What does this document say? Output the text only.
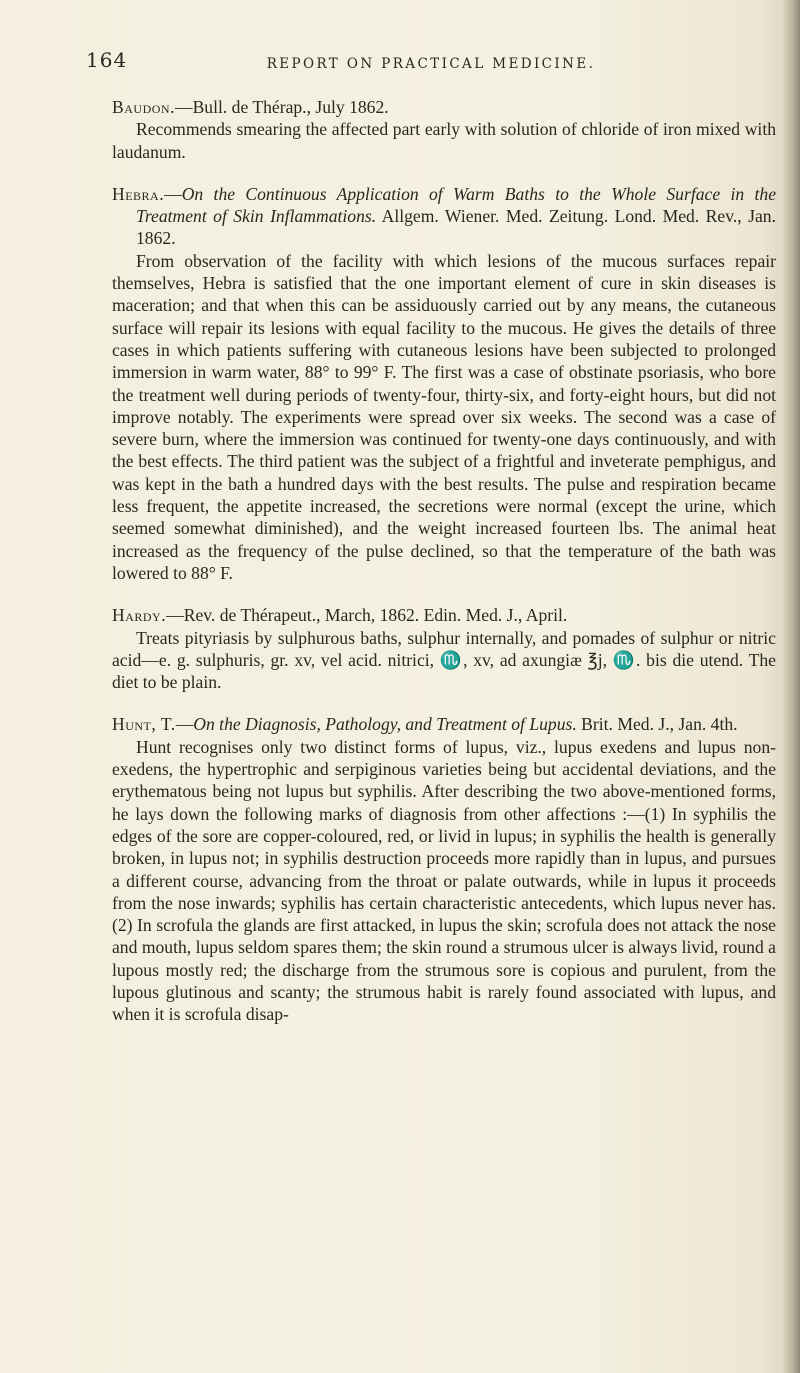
164	REPORT ON PRACTICAL MEDICINE.

Baudon.—Bull. de Thérap., July 1862.

Recommends smearing the affected part early with solution of chloride of iron mixed with laudanum.

Hebra.—On the Continuous Application of Warm Baths to the Whole Surface in the Treatment of Skin Inflammations. Allgem. Wiener. Med. Zeitung. Lond. Med. Rev., Jan. 1862.

From observation of the facility with which lesions of the mucous surfaces repair themselves, Hebra is satisfied that the one important element of cure in skin diseases is maceration; and that when this can be assiduously carried out by any means, the cutaneous surface will repair its lesions with equal facility to the mucous. He gives the details of three cases in which patients suffering with cutaneous lesions have been subjected to prolonged immersion in warm water, 88° to 99° F. The first was a case of obstinate psoriasis, who bore the treatment well during periods of twenty-four, thirty-six, and forty-eight hours, but did not improve notably. The experiments were spread over six weeks. The second was a case of severe burn, where the immersion was continued for twenty-one days continuously, and with the best effects. The third patient was the subject of a frightful and inveterate pemphigus, and was kept in the bath a hundred days with the best results. The pulse and respiration became less frequent, the appetite increased, the secretions were normal (except the urine, which seemed somewhat diminished), and the weight increased fourteen lbs. The animal heat increased as the frequency of the pulse declined, so that the temperature of the bath was lowered to 88° F.

Hardy.—Rev. de Thérapeut., March, 1862. Edin. Med. J., April.

Treats pityriasis by sulphurous baths, sulphur internally, and pomades of sulphur or nitric acid—e. g. sulphuris, gr. xv, vel acid. nitrici, ♏, xv, ad axungiæ ℥j, ♏. bis die utend. The diet to be plain.

Hunt, T.—On the Diagnosis, Pathology, and Treatment of Lupus. Brit. Med. J., Jan. 4th.

Hunt recognises only two distinct forms of lupus, viz., lupus exedens and lupus non-exedens, the hypertrophic and serpiginous varieties being but accidental deviations, and the erythematous being not lupus but syphilis. After describing the two above-mentioned forms, he lays down the following marks of diagnosis from other affections :—(1) In syphilis the edges of the sore are copper-coloured, red, or livid in lupus; in syphilis the health is generally broken, in lupus not; in syphilis destruction proceeds more rapidly than in lupus, and pursues a different course, advancing from the throat or palate outwards, while in lupus it proceeds from the nose inwards; syphilis has certain characteristic antecedents, which lupus never has. (2) In scrofula the glands are first attacked, in lupus the skin; scrofula does not attack the nose and mouth, lupus seldom spares them; the skin round a strumous ulcer is always livid, round a lupous mostly red; the discharge from the strumous sore is copious and purulent, from the lupous glutinous and scanty; the strumous habit is rarely found associated with lupus, and when it is scrofula disap-
